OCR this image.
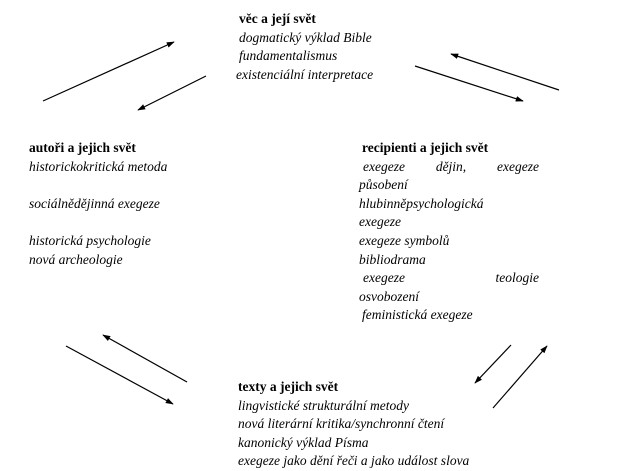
věc a její svět
dogmatický výklad Bible
fundamentalismus
existenciální interpretace
autoři a jejich svět
historickokritická metoda
sociálnědějinná exegeze
historická psychologie
nová archeologie
recipienti a jejich svět
exegeze dějin, exegeze
působení
hlubinněpsychologická
exegeze
exegeze symbolů
bibliodrama
exegeze teologie
osvobození
feministická exegeze
texty a jejich svět
lingvistické strukturální metody
nová literární kritika/synchronní čtení
kanonický výklad Písma
exegeze jako dění řeči a jako událost slova
